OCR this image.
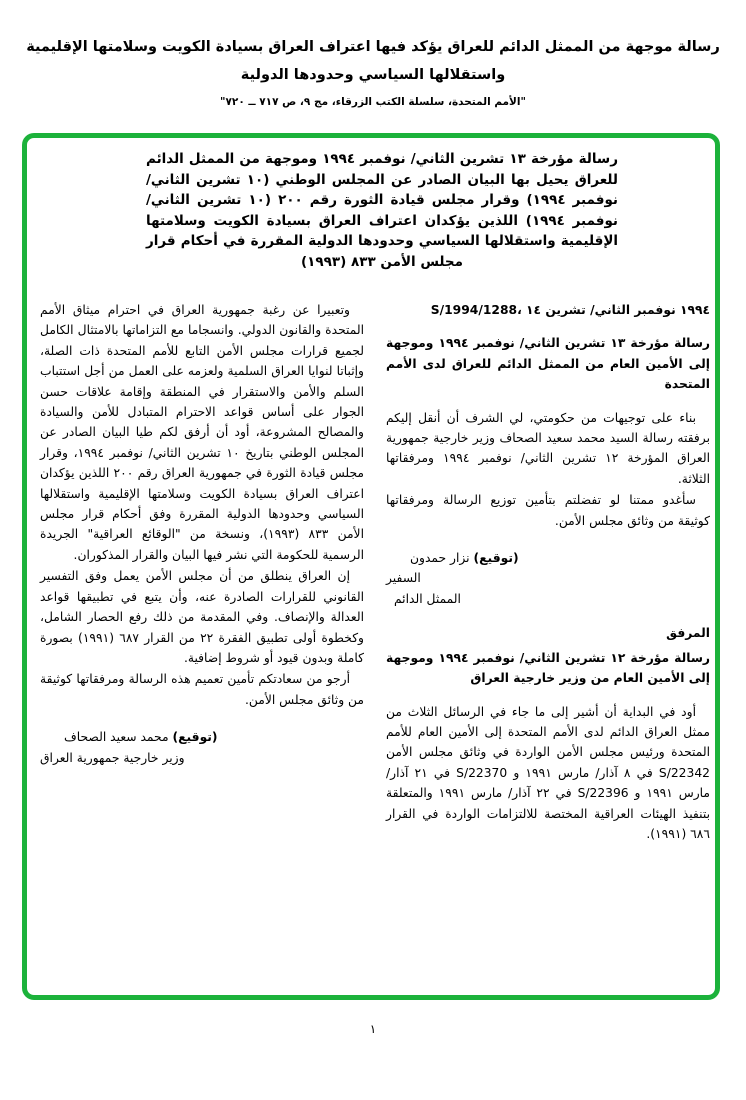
رسالة موجهة من الممثل الدائم للعراق يؤكد فيها اعتراف العراق بسيادة الكويت وسلامتها الإقليمية
واستقلالها السياسي وحدودها الدولية
"الأمم المتحدة، سلسلة الكتب الزرقاء، مج ٩، ص ٧١٧ ــ ٧٢٠"
رسالة مؤرخة ١٣ تشرين الثاني/ نوفمبر ١٩٩٤ وموجهة من الممثل الدائم للعراق يحيل بها البيان الصادر عن المجلس الوطني (١٠ تشرين الثاني/ نوفمبر ١٩٩٤) وقرار مجلس قيادة الثورة رقم ٢٠٠ (١٠ تشرين الثاني/ نوفمبر ١٩٩٤) اللذين يؤكدان اعتراف العراق بسيادة الكويت وسلامتها الإقليمية واستقلالها السياسي وحدودها الدولية المقررة في أحكام قرار مجلس الأمن ٨٣٣ (١٩٩٣)
S/1994/1288، ١٤ تشرين الثاني/ نوفمبر ١٩٩٤
رسالة مؤرخة ١٣ تشرين الثاني/ نوفمبر ١٩٩٤ وموجهة إلى الأمين العام من الممثل الدائم للعراق لدى الأمم المتحدة

بناء على توجيهات من حكومتي، لي الشرف أن أنقل إليكم برفقته رسالة السيد محمد سعيد الصحاف وزير خارجية جمهورية العراق المؤرخة ١٢ تشرين الثاني/ نوفمبر ١٩٩٤ ومرفقاتها الثلاثة.

سأغدو ممتنا لو تفضلتم بتأمين توزيع الرسالة ومرفقاتها كوثيقة من وثائق مجلس الأمن.

(توقيع) نزار حمدون
السفير
الممثل الدائم
المرفق
رسالة مؤرخة ١٢ تشرين الثاني/ نوفمبر ١٩٩٤ وموجهة إلى الأمين العام من وزير خارجية العراق

أود في البداية أن أشير إلى ما جاء في الرسائل الثلاث من ممثل العراق الدائم لدى الأمم المتحدة إلى الأمين العام للأمم المتحدة ورئيس مجلس الأمن الواردة في وثائق مجلس الأمن S/22342 في ٨ آذار/ مارس ١٩٩١ و S/22370 في ٢١ آذار/ مارس ١٩٩١ و S/22396 في ٢٢ آذار/ مارس ١٩٩١ والمتعلقة بتنفيذ الهيئات العراقية المختصة للالتزامات الواردة في القرار ٦٨٦ (١٩٩١).

وتعبيرا عن رغبة جمهورية العراق في احترام ميثاق الأمم المتحدة والقانون الدولي. وانسجاما مع التزاماتها بالامتثال الكامل لجميع قرارات مجلس الأمن التابع للأمم المتحدة ذات الصلة، وإثباتا لنوايا العراق السلمية ولعزمه على العمل من أجل استتباب السلم والأمن والاستقرار في المنطقة وإقامة علاقات حسن الجوار على أساس قواعد الاحترام المتبادل للأمن والسيادة والمصالح المشروعة، أود أن أرفق لكم طيا البيان الصادر عن المجلس الوطني بتاريخ ١٠ تشرين الثاني/ نوفمبر ١٩٩٤، وقرار مجلس قيادة الثورة في جمهورية العراق رقم ٢٠٠ اللذين يؤكدان اعتراف العراق بسيادة الكويت وسلامتها الإقليمية واستقلالها السياسي وحدودها الدولية المقررة وفق أحكام قرار مجلس الأمن ٨٣٣ (١٩٩٣)، ونسخة من "الوقائع العراقية" الجريدة الرسمية للحكومة التي نشر فيها البيان والقرار المذكوران.

إن العراق ينطلق من أن مجلس الأمن يعمل وفق التفسير القانوني للقرارات الصادرة عنه، وأن يتبع في تطبيقها قواعد العدالة والإنصاف. وفي المقدمة من ذلك رفع الحصار الشامل، وكخطوة أولى تطبيق الفقرة ٢٢ من القرار ٦٨٧ (١٩٩١) بصورة كاملة وبدون قيود أو شروط إضافية.

أرجو من سعادتكم تأمين تعميم هذه الرسالة ومرفقاتها كوثيقة من وثائق مجلس الأمن.

(توقيع) محمد سعيد الصحاف
وزير خارجية جمهورية العراق
١
